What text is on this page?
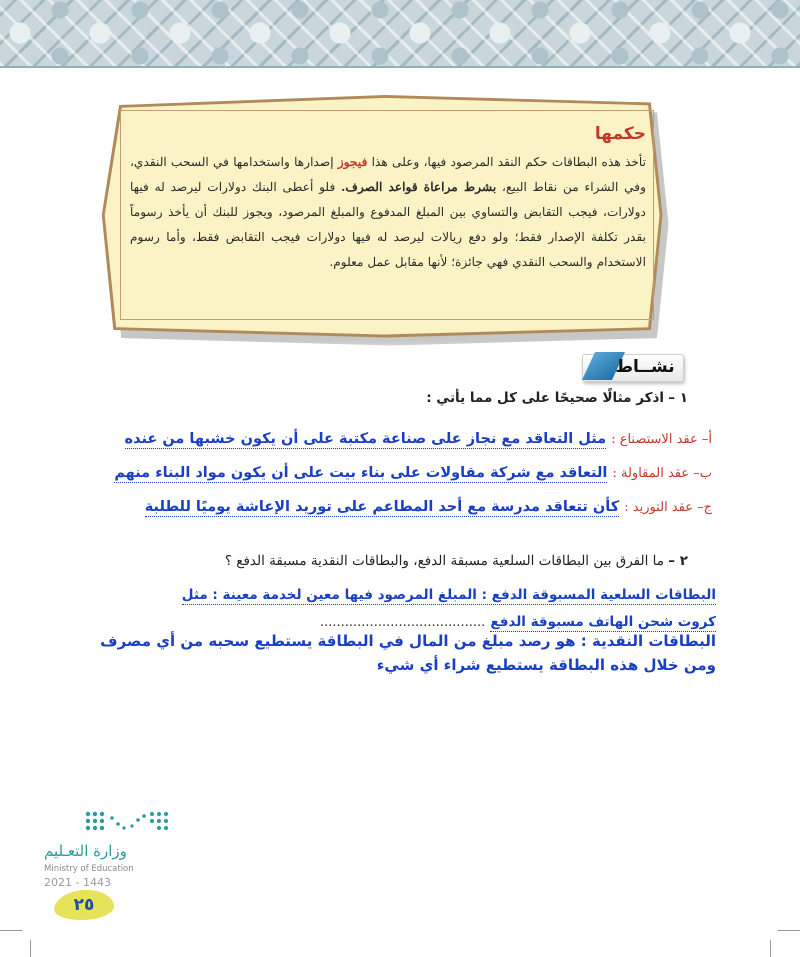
حكمها
تأخذ هذه البطاقات حكم النقد المرصود فيها، وعلى هذا فيجوز إصدارها واستخدامها في السحب النقدي، وفي الشراء من نقاط البيع، بشرط مراعاة قواعد الصرف. فلو أعطى البنك دولارات ليرصد له فيها دولارات، فيجب التقابض والتساوي بين المبلغ المدفوع والمبلغ المرصود، ويجوز للبنك أن يأخذ رسوماً بقدر تكلفة الإصدار فقط؛ ولو دفع ريالات ليرصد له فيها دولارات فيجب التقابض فقط، وأما رسوم الاستخدام والسحب النقدي فهي جائزة؛ لأنها مقابل عمل معلوم.
نشــاط
١ – اذكر مثالًا صحيحًا على كل مما يأتي :
أ– عقد الاستصناع : مثل التعاقد مع نجاز على صناعة مكتبة على أن يكون خشبها من عنده
ب– عقد المقاولة : التعاقد مع شركة مقاولات على بناء بيت على أن يكون مواد البناء منهم
ج– عقد التوريد : كأن تتعاقد مدرسة مع أحد المطاعم على توريد الإعاشة يوميًا للطلبة
٢ – ما الفرق بين البطاقات السلعية مسبقة الدفع، والبطاقات النقدية مسبقة الدفع ؟
البطاقات السلعية المسبوقة الدفع : المبلغ المرصود فيها معين لخدمة معينة : مثل
كروت شحن الهاتف مسبوقة الدفع ........................................
البطاقات النقدية : هو رصد مبلغ من المال في البطاقة يستطيع سحبه من أي مصرف
ومن خلال هذه البطاقة يستطيع شراء أي شيء
وزارة التعـليم
Ministry of Education
2021 - 1443
٢٥
